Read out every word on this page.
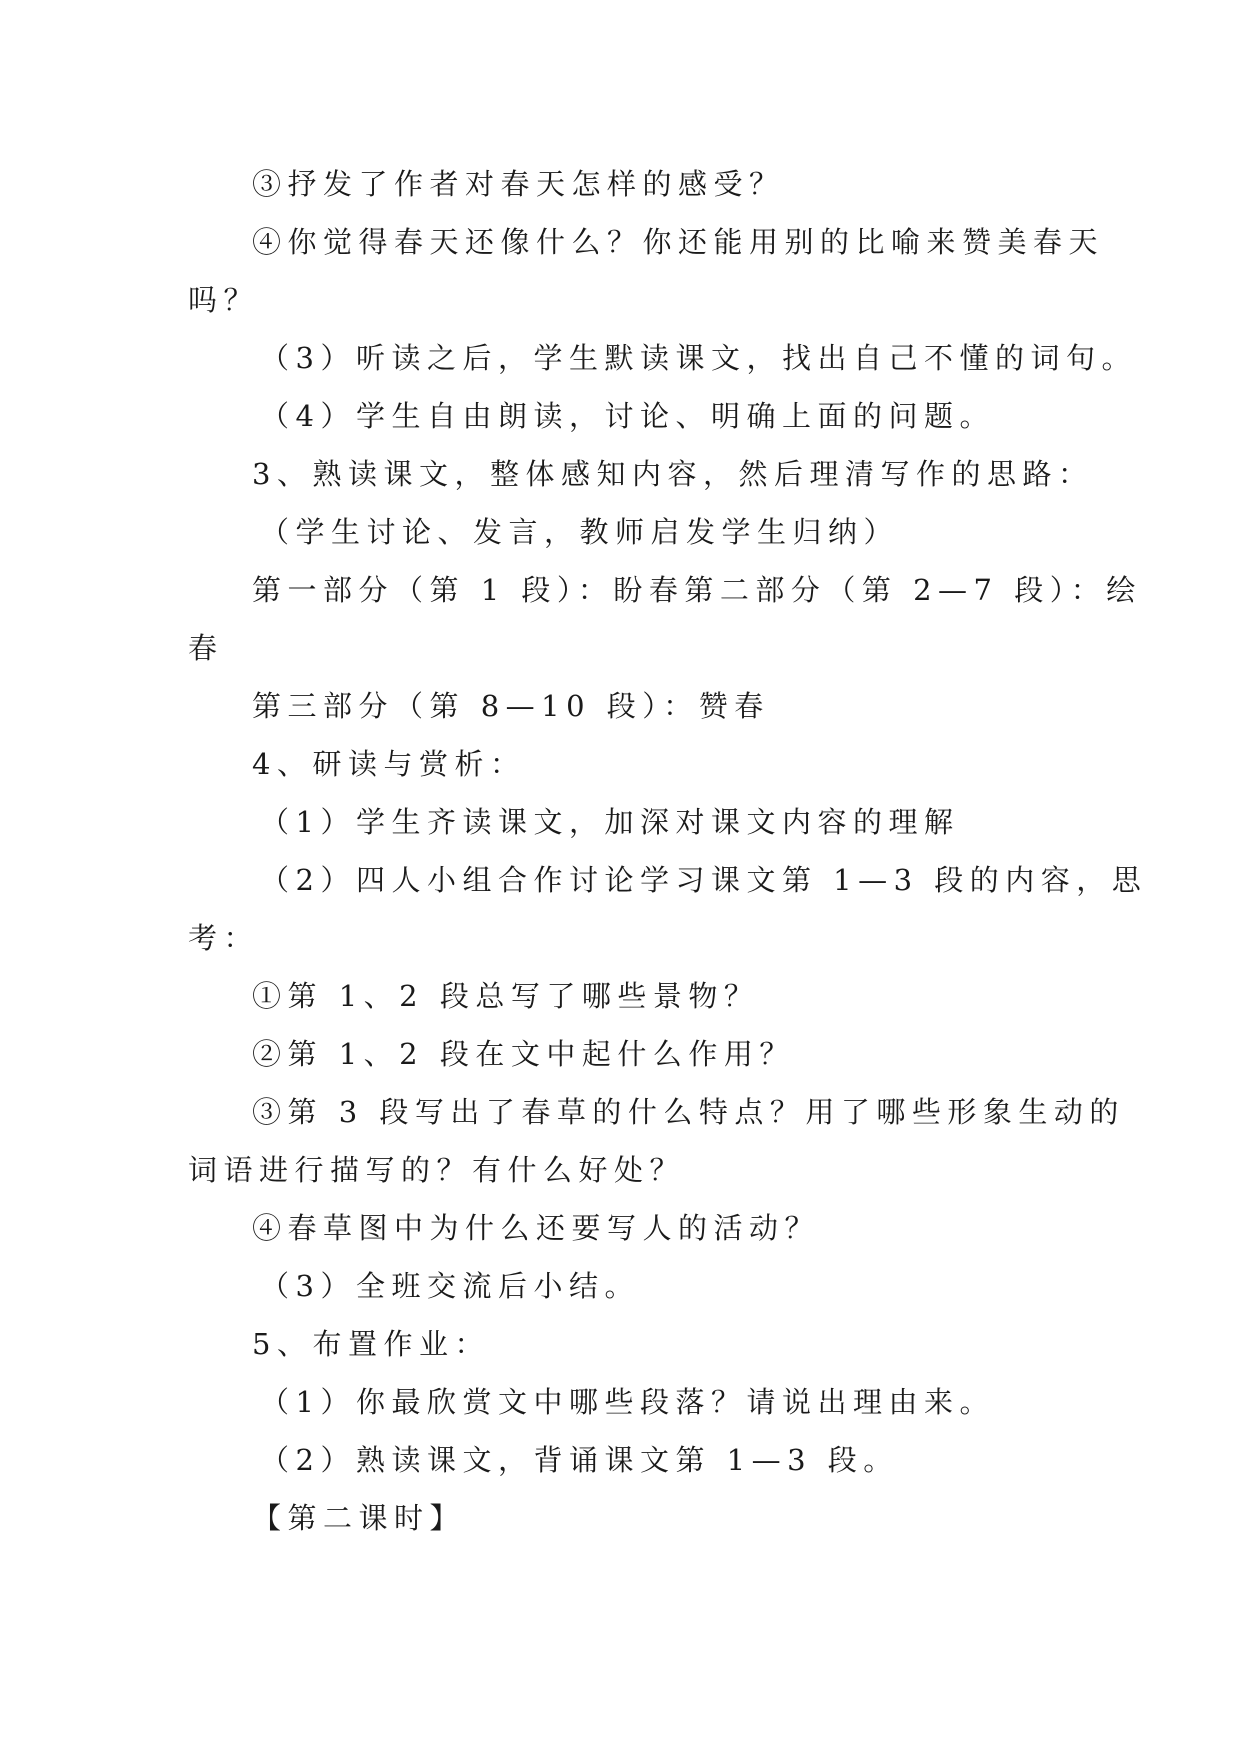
③抒发了作者对春天怎样的感受？
④你觉得春天还像什么？你还能用别的比喻来赞美春天
吗？
（3）听读之后，学生默读课文，找出自己不懂的词句。
（4）学生自由朗读，讨论、明确上面的问题。
3、熟读课文，整体感知内容，然后理清写作的思路：
（学生讨论、发言，教师启发学生归纳）
第一部分（第 1 段）：盼春第二部分（第 2—7 段）：绘
春
第三部分（第 8—10 段）：赞春
4、研读与赏析：
（1）学生齐读课文，加深对课文内容的理解
（2）四人小组合作讨论学习课文第 1—3 段的内容，思
考：
①第 1、2 段总写了哪些景物？
②第 1、2 段在文中起什么作用？
③第 3 段写出了春草的什么特点？用了哪些形象生动的
词语进行描写的？有什么好处？
④春草图中为什么还要写人的活动？
（3）全班交流后小结。
5、布置作业：
（1）你最欣赏文中哪些段落？请说出理由来。
（2）熟读课文，背诵课文第 1—3 段。
【第二课时】
